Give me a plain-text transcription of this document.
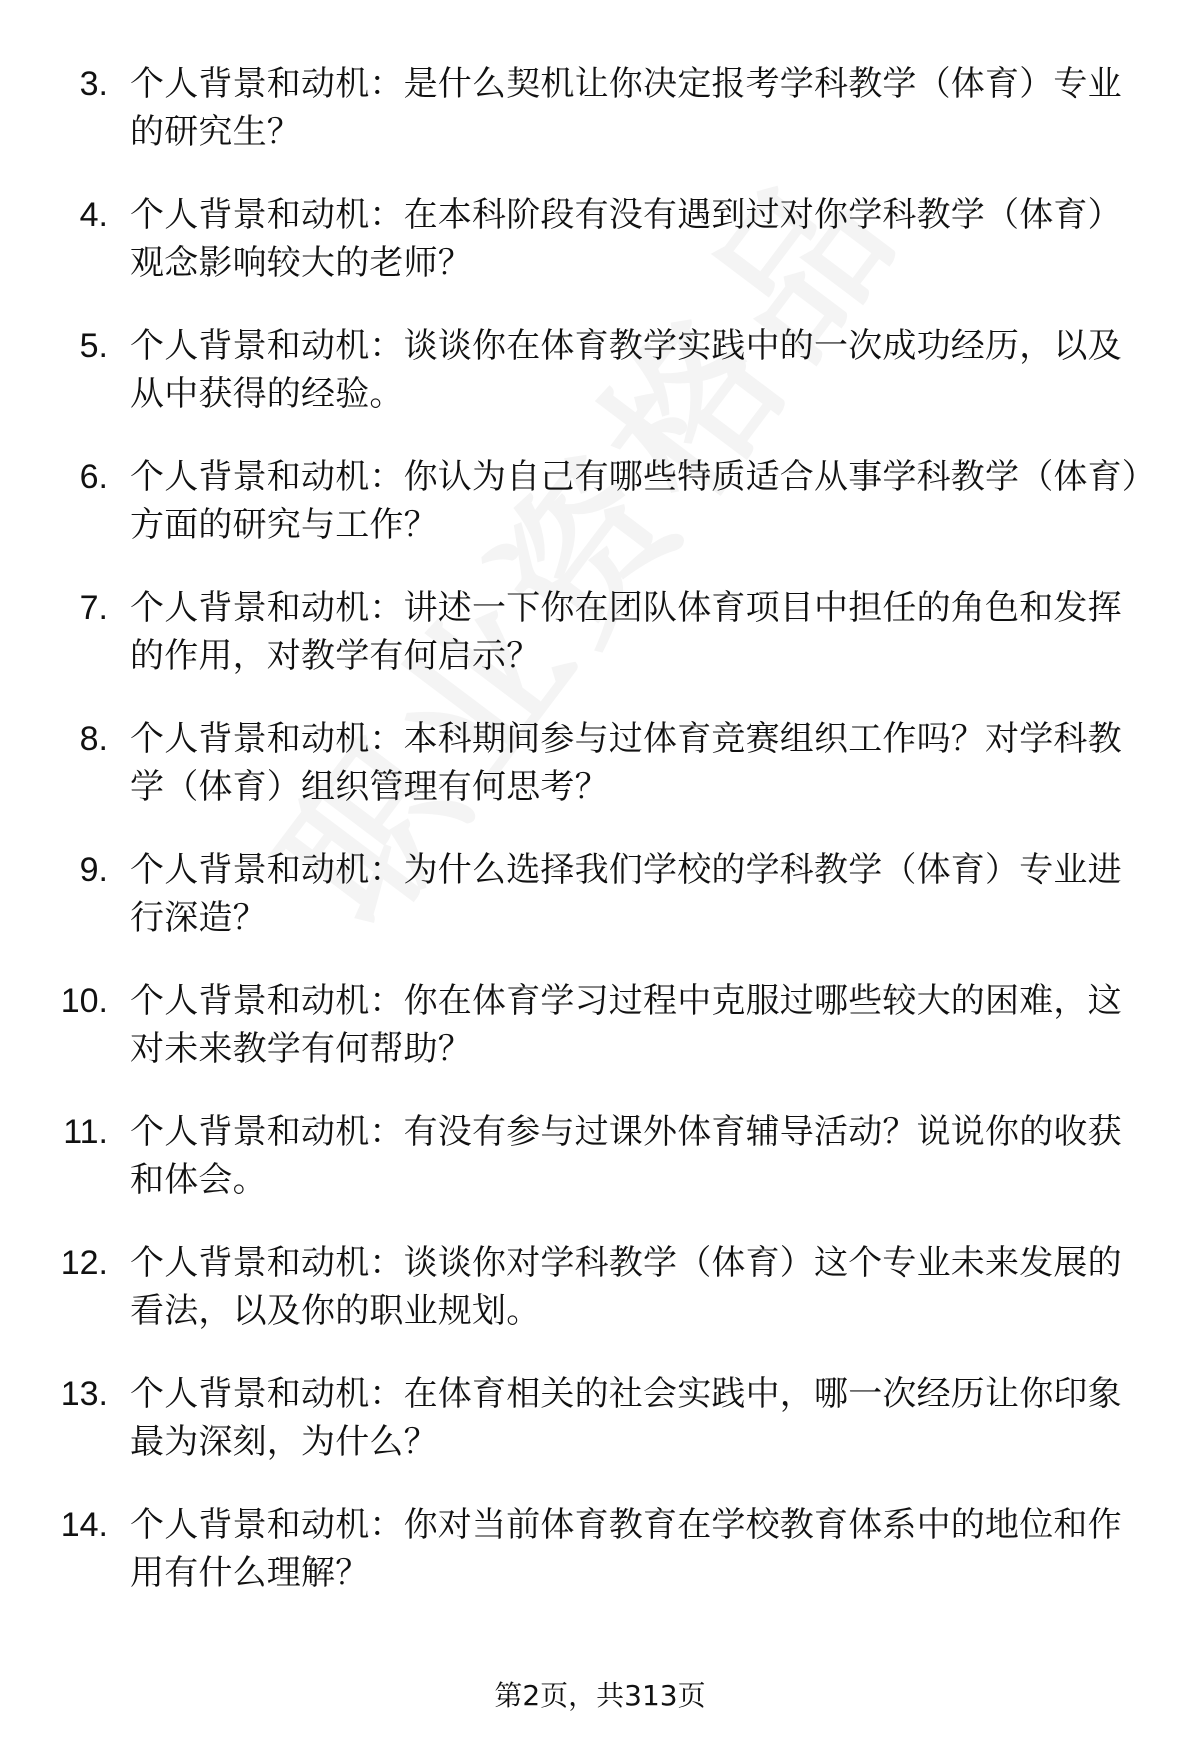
3. 个人背景和动机：是什么契机让你决定报考学科教学（体育）专业的研究生？
4. 个人背景和动机：在本科阶段有没有遇到过对你学科教学（体育）观念影响较大的老师？
5. 个人背景和动机：谈谈你在体育教学实践中的一次成功经历，以及从中获得的经验。
6. 个人背景和动机：你认为自己有哪些特质适合从事学科教学（体育）方面的研究与工作？
7. 个人背景和动机：讲述一下你在团队体育项目中担任的角色和发挥的作用，对教学有何启示？
8. 个人背景和动机：本科期间参与过体育竞赛组织工作吗？对学科教学（体育）组织管理有何思考？
9. 个人背景和动机：为什么选择我们学校的学科教学（体育）专业进行深造？
10. 个人背景和动机：你在体育学习过程中克服过哪些较大的困难，这对未来教学有何帮助？
11. 个人背景和动机：有没有参与过课外体育辅导活动？说说你的收获和体会。
12. 个人背景和动机：谈谈你对学科教学（体育）这个专业未来发展的看法，以及你的职业规划。
13. 个人背景和动机：在体育相关的社会实践中，哪一次经历让你印象最为深刻，为什么？
14. 个人背景和动机：你对当前体育教育在学校教育体系中的地位和作用有什么理解？
第2页，共313页
